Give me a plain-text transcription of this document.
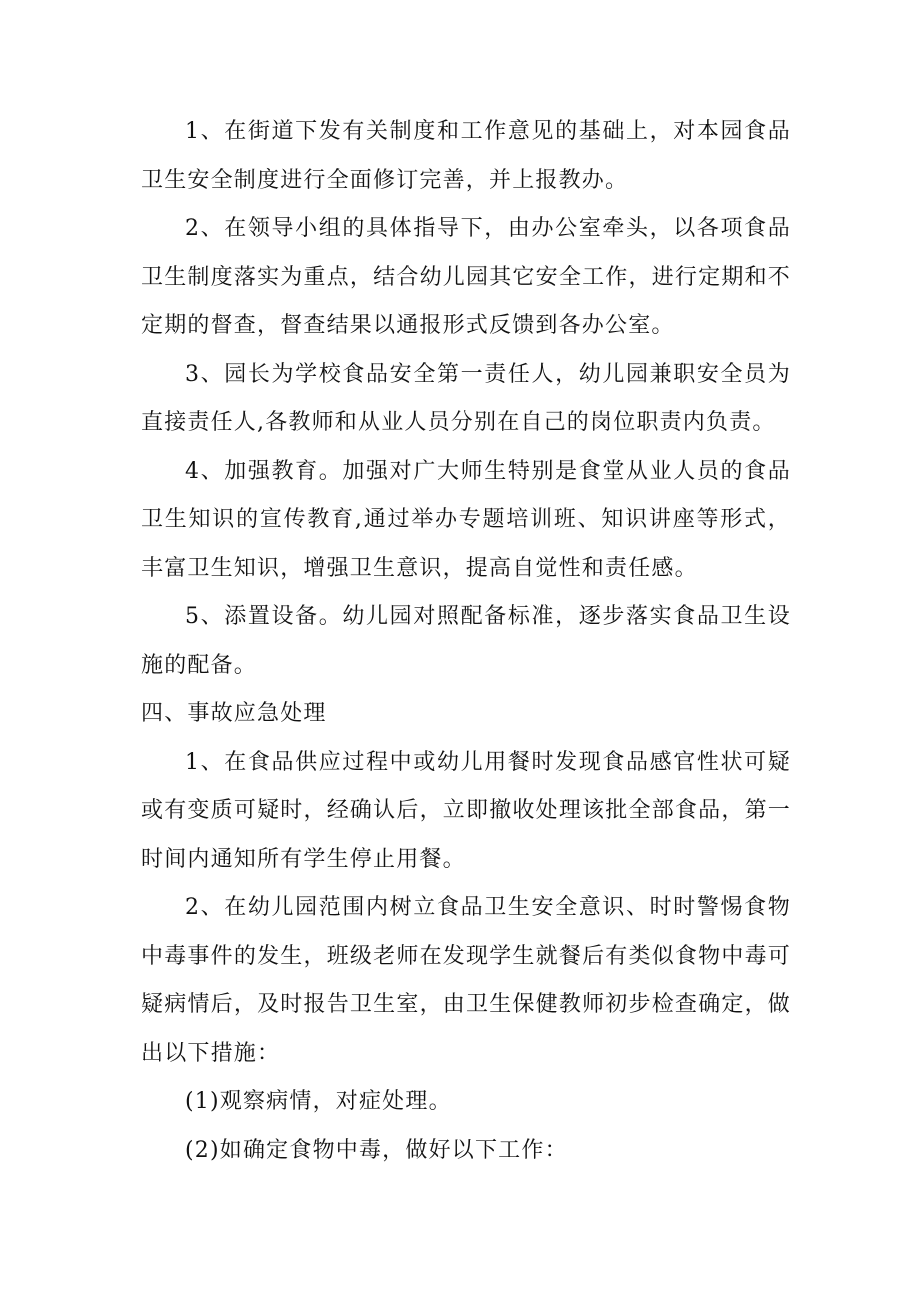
1、在街道下发有关制度和工作意见的基础上，对本园食品卫生安全制度进行全面修订完善，并上报教办。

2、在领导小组的具体指导下，由办公室牵头，以各项食品卫生制度落实为重点，结合幼儿园其它安全工作，进行定期和不定期的督查，督查结果以通报形式反馈到各办公室。

3、园长为学校食品安全第一责任人，幼儿园兼职安全员为直接责任人,各教师和从业人员分别在自己的岗位职责内负责。

4、加强教育。加强对广大师生特别是食堂从业人员的食品卫生知识的宣传教育,通过举办专题培训班、知识讲座等形式，丰富卫生知识，增强卫生意识，提高自觉性和责任感。

5、添置设备。幼儿园对照配备标准，逐步落实食品卫生设施的配备。

四、事故应急处理

1、在食品供应过程中或幼儿用餐时发现食品感官性状可疑或有变质可疑时，经确认后，立即撤收处理该批全部食品，第一时间内通知所有学生停止用餐。

2、在幼儿园范围内树立食品卫生安全意识、时时警惕食物中毒事件的发生，班级老师在发现学生就餐后有类似食物中毒可疑病情后，及时报告卫生室，由卫生保健教师初步检查确定，做出以下措施：

(1)观察病情，对症处理。

(2)如确定食物中毒，做好以下工作：
